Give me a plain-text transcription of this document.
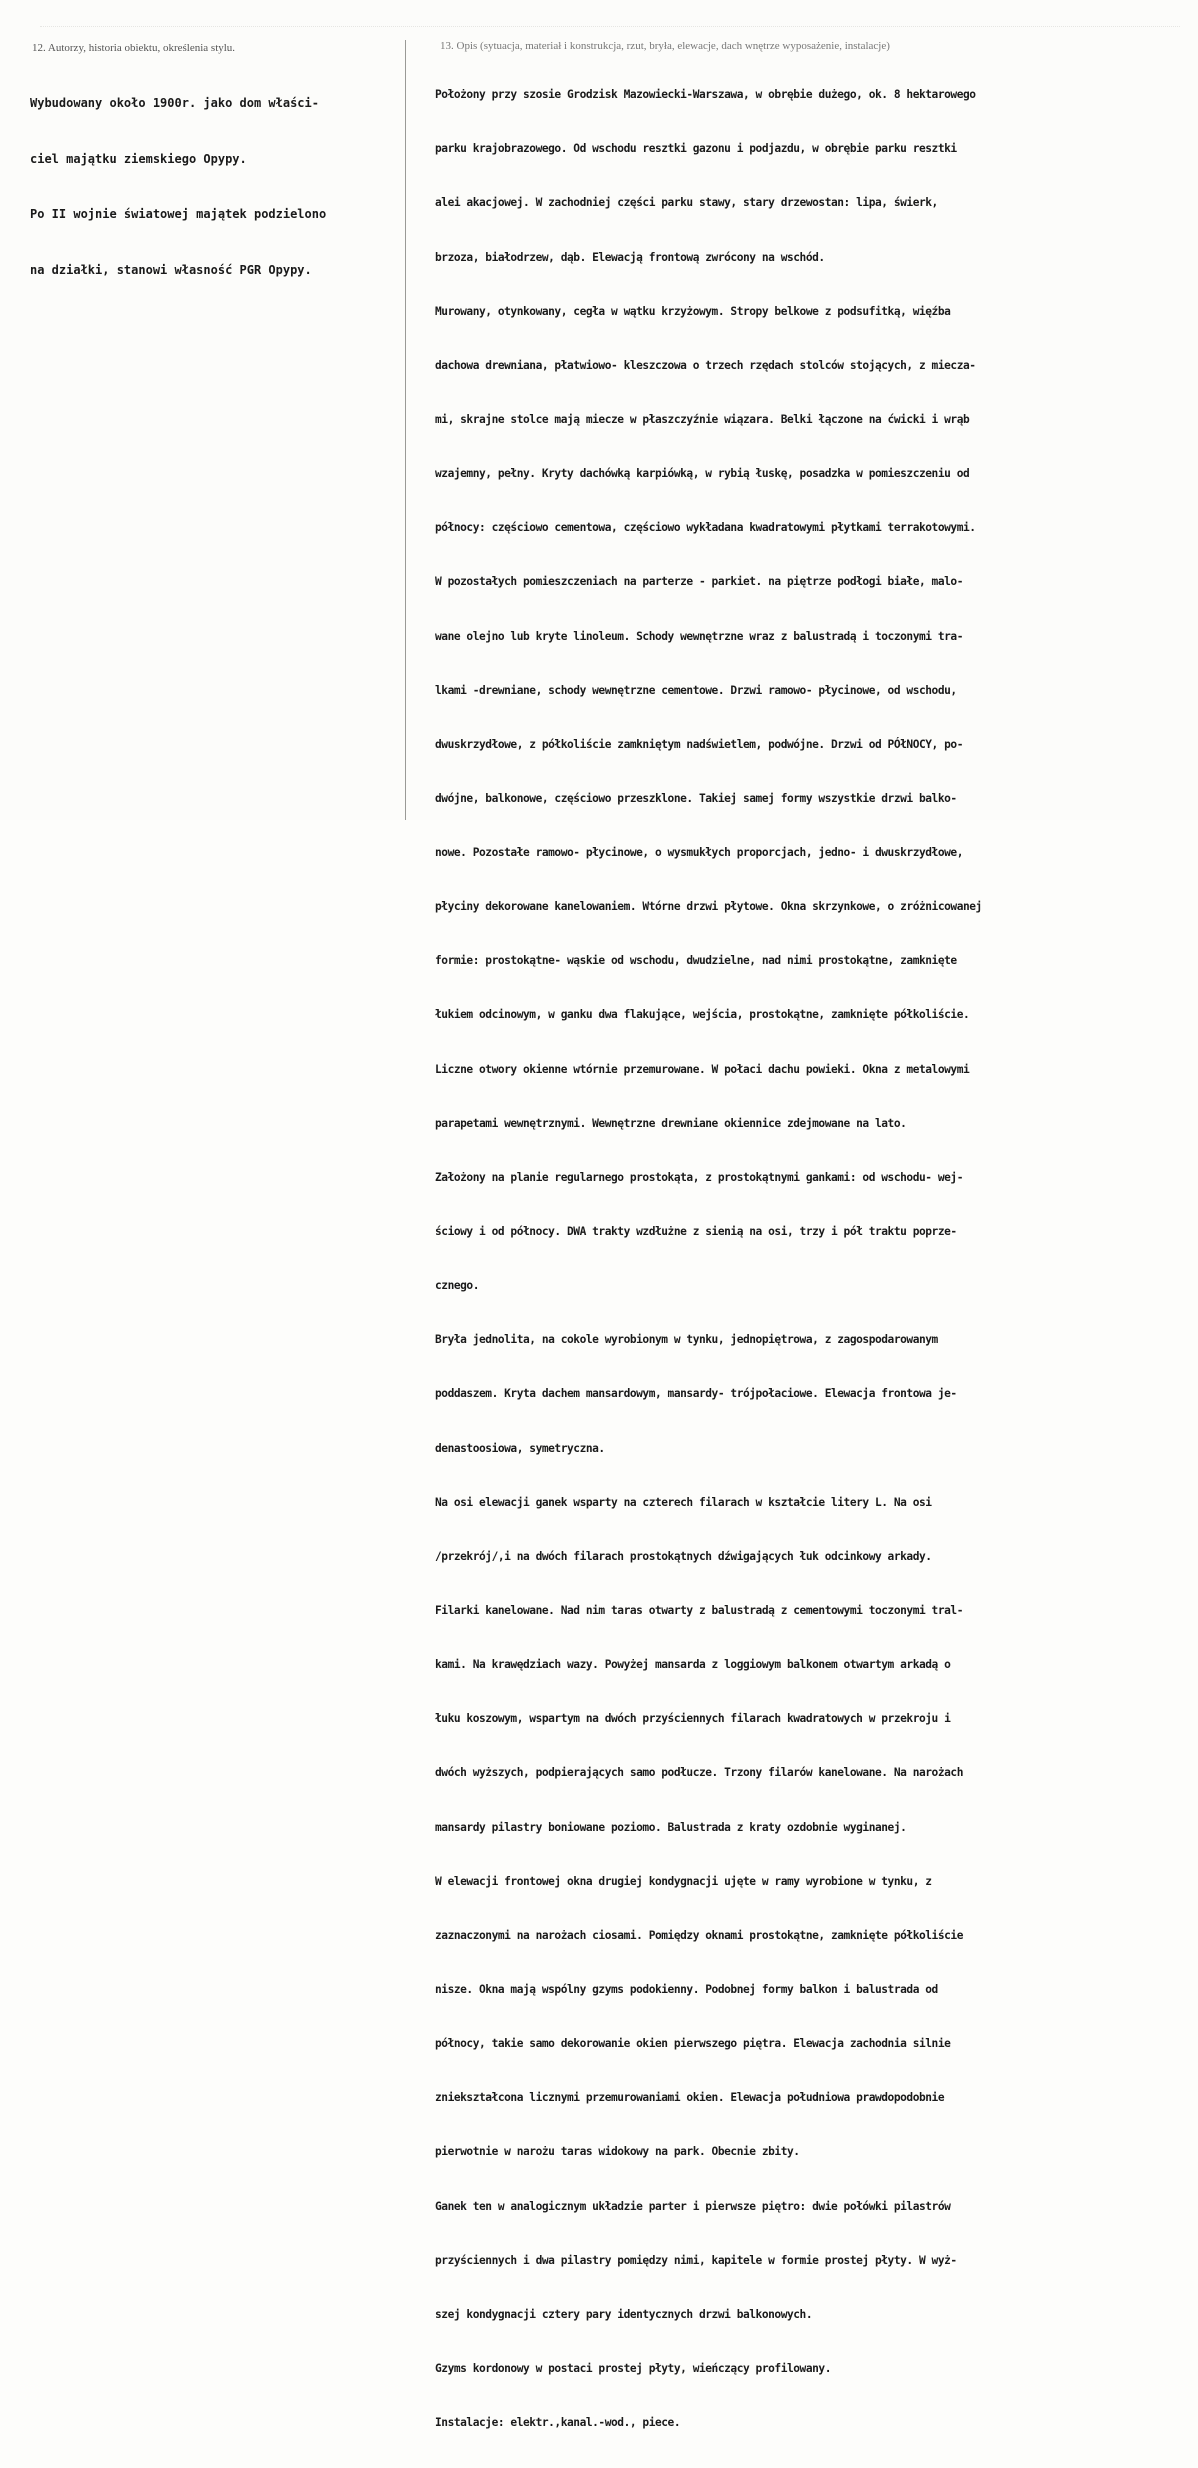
12. Autorzy, historia obiektu, określenia stylu.	13. Opis (sytuacja, materiał i konstrukcja, rzut, bryła, elewacje, dach wnętrze wyposażenie, instalacje)

Wybudowany około 1900r. jako dom właści-

ciel majątku ziemskiego Opypy.

Po II wojnie światowej majątek podzielono

na działki, stanowi własność PGR Opypy.

Położony przy szosie Grodzisk Mazowiecki-Warszawa, w obrębie dużego, ok. 8 hektarowego

parku krajobrazowego. Od wschodu resztki gazonu i podjazdu, w obrębie parku resztki

alei akacjowej. W zachodniej części parku stawy, stary drzewostan: lipa, świerk,

brzoza, białodrzew, dąb. Elewacją frontową zwrócony na wschód.

Murowany, otynkowany, cegła w wątku krzyżowym. Stropy belkowe z podsufitką, więźba

dachowa drewniana, płatwiowo- kleszczowa o trzech rzędach stolców stojących, z miecza-

mi, skrajne stolce mają miecze w płaszczyźnie wiązara. Belki łączone na ćwicki i wrąb

wzajemny, pełny. Kryty dachówką karpiówką, w rybią łuskę, posadzka w pomieszczeniu od

północy: częściowo cementowa, częściowo wykładana kwadratowymi płytkami terrakotowymi.

W pozostałych pomieszczeniach na parterze - parkiet. na piętrze podłogi białe, malo-

wane olejno lub kryte linoleum. Schody wewnętrzne wraz z balustradą i toczonymi tra-

lkami -drewniane, schody wewnętrzne cementowe. Drzwi ramowo- płycinowe, od wschodu,

dwuskrzydłowe, z półkoliście zamkniętym nadświetlem, podwójne. Drzwi od PÓłNOCY, po-

dwójne, balkonowe, częściowo przeszklone. Takiej samej formy wszystkie drzwi balko-

nowe. Pozostałe ramowo- płycinowe, o wysmukłych proporcjach, jedno- i dwuskrzydłowe,

płyciny dekorowane kanelowaniem. Wtórne drzwi płytowe. Okna skrzynkowe, o zróżnicowanej

formie: prostokątne- wąskie od wschodu, dwudzielne, nad nimi prostokątne, zamknięte

łukiem odcinowym, w ganku dwa flakujące, wejścia, prostokątne, zamknięte półkoliście.

Liczne otwory okienne wtórnie przemurowane. W połaci dachu powieki. Okna z metalowymi

parapetami wewnętrznymi. Wewnętrzne drewniane okiennice zdejmowane na lato.

Założony na planie regularnego prostokąta, z prostokątnymi gankami: od wschodu- wej-

ściowy i od północy. DWA trakty wzdłużne z sienią na osi, trzy i pół traktu poprze-

cznego.

Bryła jednolita, na cokole wyrobionym w tynku, jednopiętrowa, z zagospodarowanym

poddaszem. Kryta dachem mansardowym, mansardy- trójpołaciowe. Elewacja frontowa je-

denastoosiowa, symetryczna.

Na osi elewacji ganek wsparty na czterech filarach w kształcie litery L. Na osi

/przekrój/,i na dwóch filarach prostokątnych dźwigających łuk odcinkowy arkady.

Filarki kanelowane. Nad nim taras otwarty z balustradą z cementowymi toczonymi tral-

kami. Na krawędziach wazy. Powyżej mansarda z loggiowym balkonem otwartym arkadą o

łuku koszowym, wspartym na dwóch przyściennych filarach kwadratowych w przekroju i

dwóch wyższych, podpierających samo podłucze. Trzony filarów kanelowane. Na narożach

mansardy pilastry boniowane poziomo. Balustrada z kraty ozdobnie wyginanej.

W elewacji frontowej okna drugiej kondygnacji ujęte w ramy wyrobione w tynku, z

zaznaczonymi na narożach ciosami. Pomiędzy oknami prostokątne, zamknięte półkoliście

nisze. Okna mają wspólny gzyms podokienny. Podobnej formy balkon i balustrada od

północy, takie samo dekorowanie okien pierwszego piętra. Elewacja zachodnia silnie

zniekształcona licznymi przemurowaniami okien. Elewacja południowa prawdopodobnie

pierwotnie w narożu taras widokowy na park. Obecnie zbity.

Ganek ten w analogicznym układzie parter i pierwsze piętro: dwie połówki pilastrów

przyściennych i dwa pilastry pomiędzy nimi, kapitele w formie prostej płyty. W wyż-

szej kondygnacji cztery pary identycznych drzwi balkonowych.

Gzyms kordonowy w postaci prostej płyty, wieńczący profilowany.

Instalacje: elektr.,kanal.-wod., piece.
